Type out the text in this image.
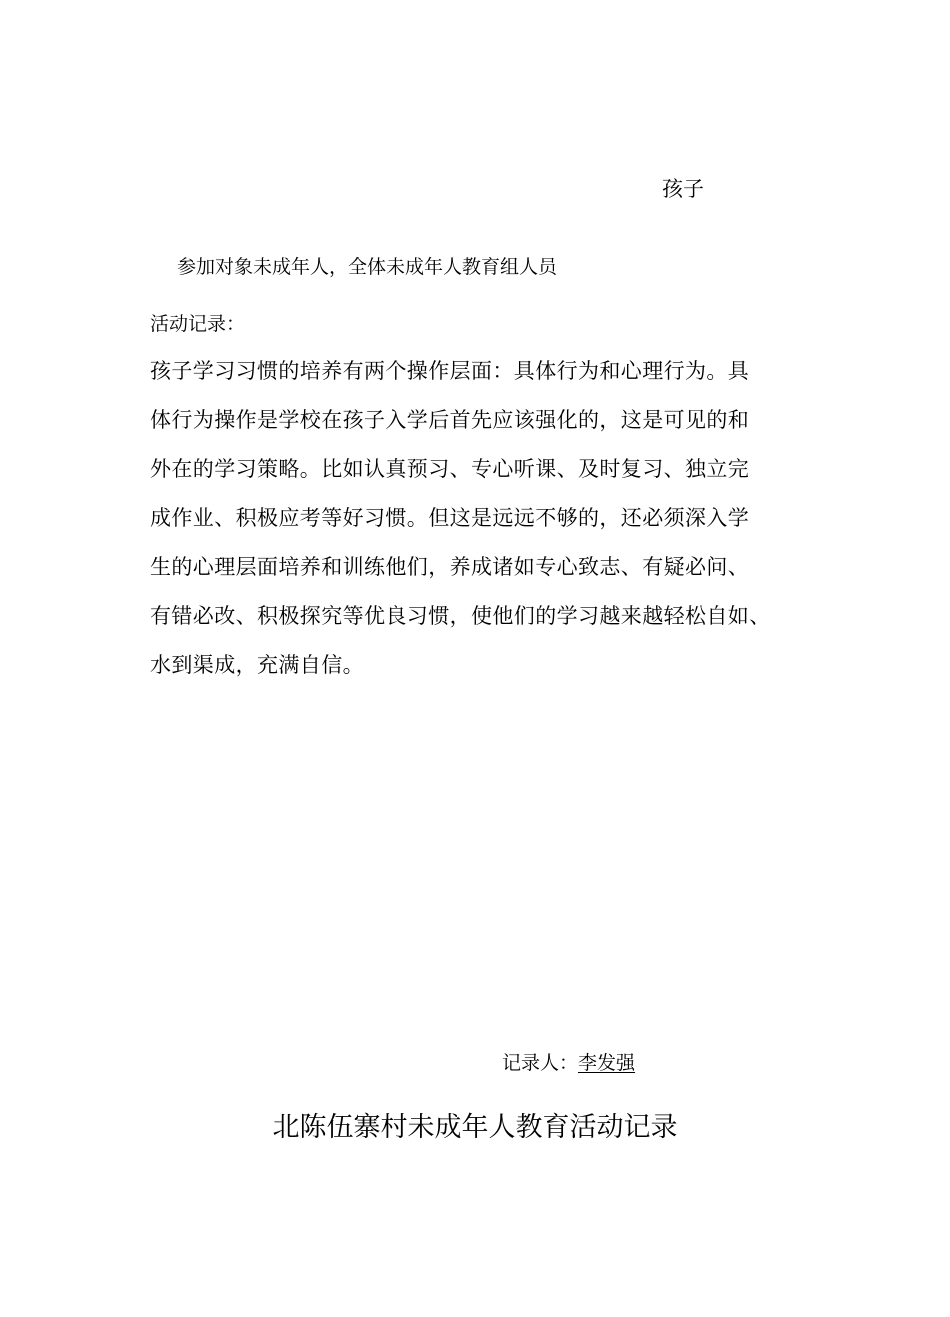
孩子
参加对象未成年人，全体未成年人教育组人员
活动记录：
孩子学习习惯的培养有两个操作层面：具体行为和心理行为。具
体行为操作是学校在孩子入学后首先应该强化的，这是可见的和
外在的学习策略。比如认真预习、专心听课、及时复习、独立完
成作业、积极应考等好习惯。但这是远远不够的，还必须深入学
生的心理层面培养和训练他们，养成诸如专心致志、有疑必问、
有错必改、积极探究等优良习惯，使他们的学习越来越轻松自如、
水到渠成，充满自信。
记录人：李发强
北陈伍寨村未成年人教育活动记录
